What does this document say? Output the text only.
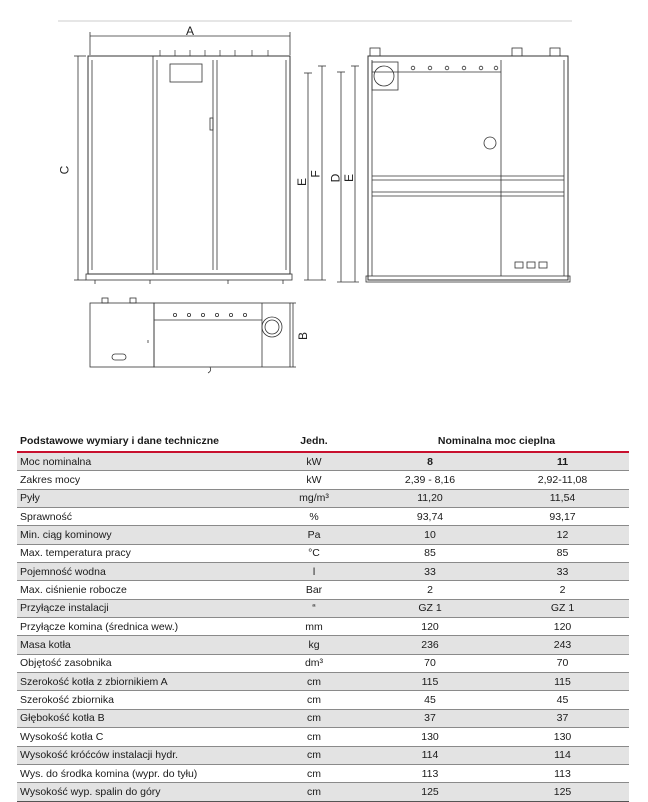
A
C
E
F D E
B
Podstawowe wymiary i dane techniczne	Jedn.	Nominalna moc cieplna	
Moc nominalna	kW	8	11
Zakres mocy	kW	2,39 - 8,16	2,92-11,08
Pyły	mg/m³	11,20	11,54
Sprawność	%	93,74	93,17
Min. ciąg kominowy	Pa	10	12
Max. temperatura pracy	°C	85	85
Pojemność wodna	l	33	33
Max. ciśnienie robocze	Bar	2	2
Przyłącze instalacji	“	GZ 1	GZ 1
Przyłącze komina (średnica wew.)	mm	120	120
Masa kotła	kg	236	243
Objętość zasobnika	dm³	70	70
Szerokość kotła z zbiornikiem A	cm	115	115
Szerokość zbiornika	cm	45	45
Głębokość kotła B	cm	37	37
Wysokość kotła C	cm	130	130
Wysokość króćców instalacji hydr.	cm	114	114
Wys. do środka komina (wypr. do tyłu)	cm	113	113
Wysokość wyp. spalin do góry	cm	125	125
